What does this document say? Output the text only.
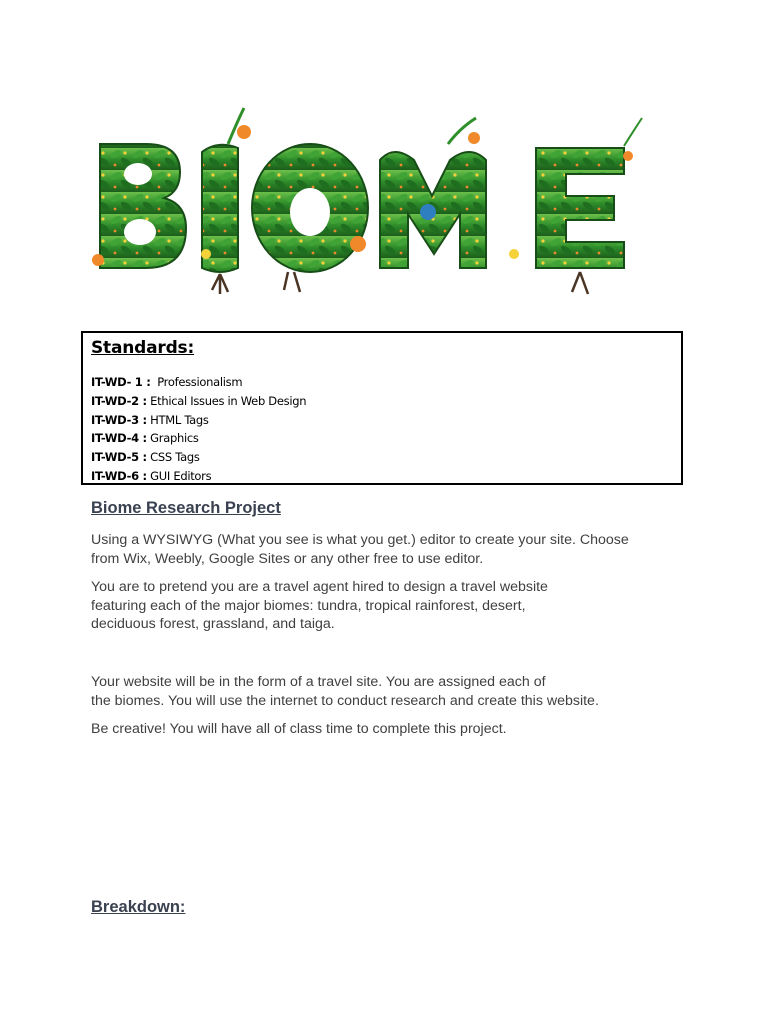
Standards:
IT-WD- 1 : Professionalism
IT-WD-2 : Ethical Issues in Web Design
IT-WD-3 : HTML Tags
IT-WD-4 : Graphics
IT-WD-5 : CSS Tags
IT-WD-6 : GUI Editors
Biome Research Project

Using a WYSIWYG (What you see is what you get.) editor to create your site. Choose
from Wix, Weebly, Google Sites or any other free to use editor.

You are to pretend you are a travel agent hired to design a travel website
featuring each of the major biomes: tundra, tropical rainforest, desert,
deciduous forest, grassland, and taiga.

Your website will be in the form of a travel site. You are assigned each of
the biomes. You will use the internet to conduct research and create this website.

Be creative! You will have all of class time to complete this project.

Breakdown:
